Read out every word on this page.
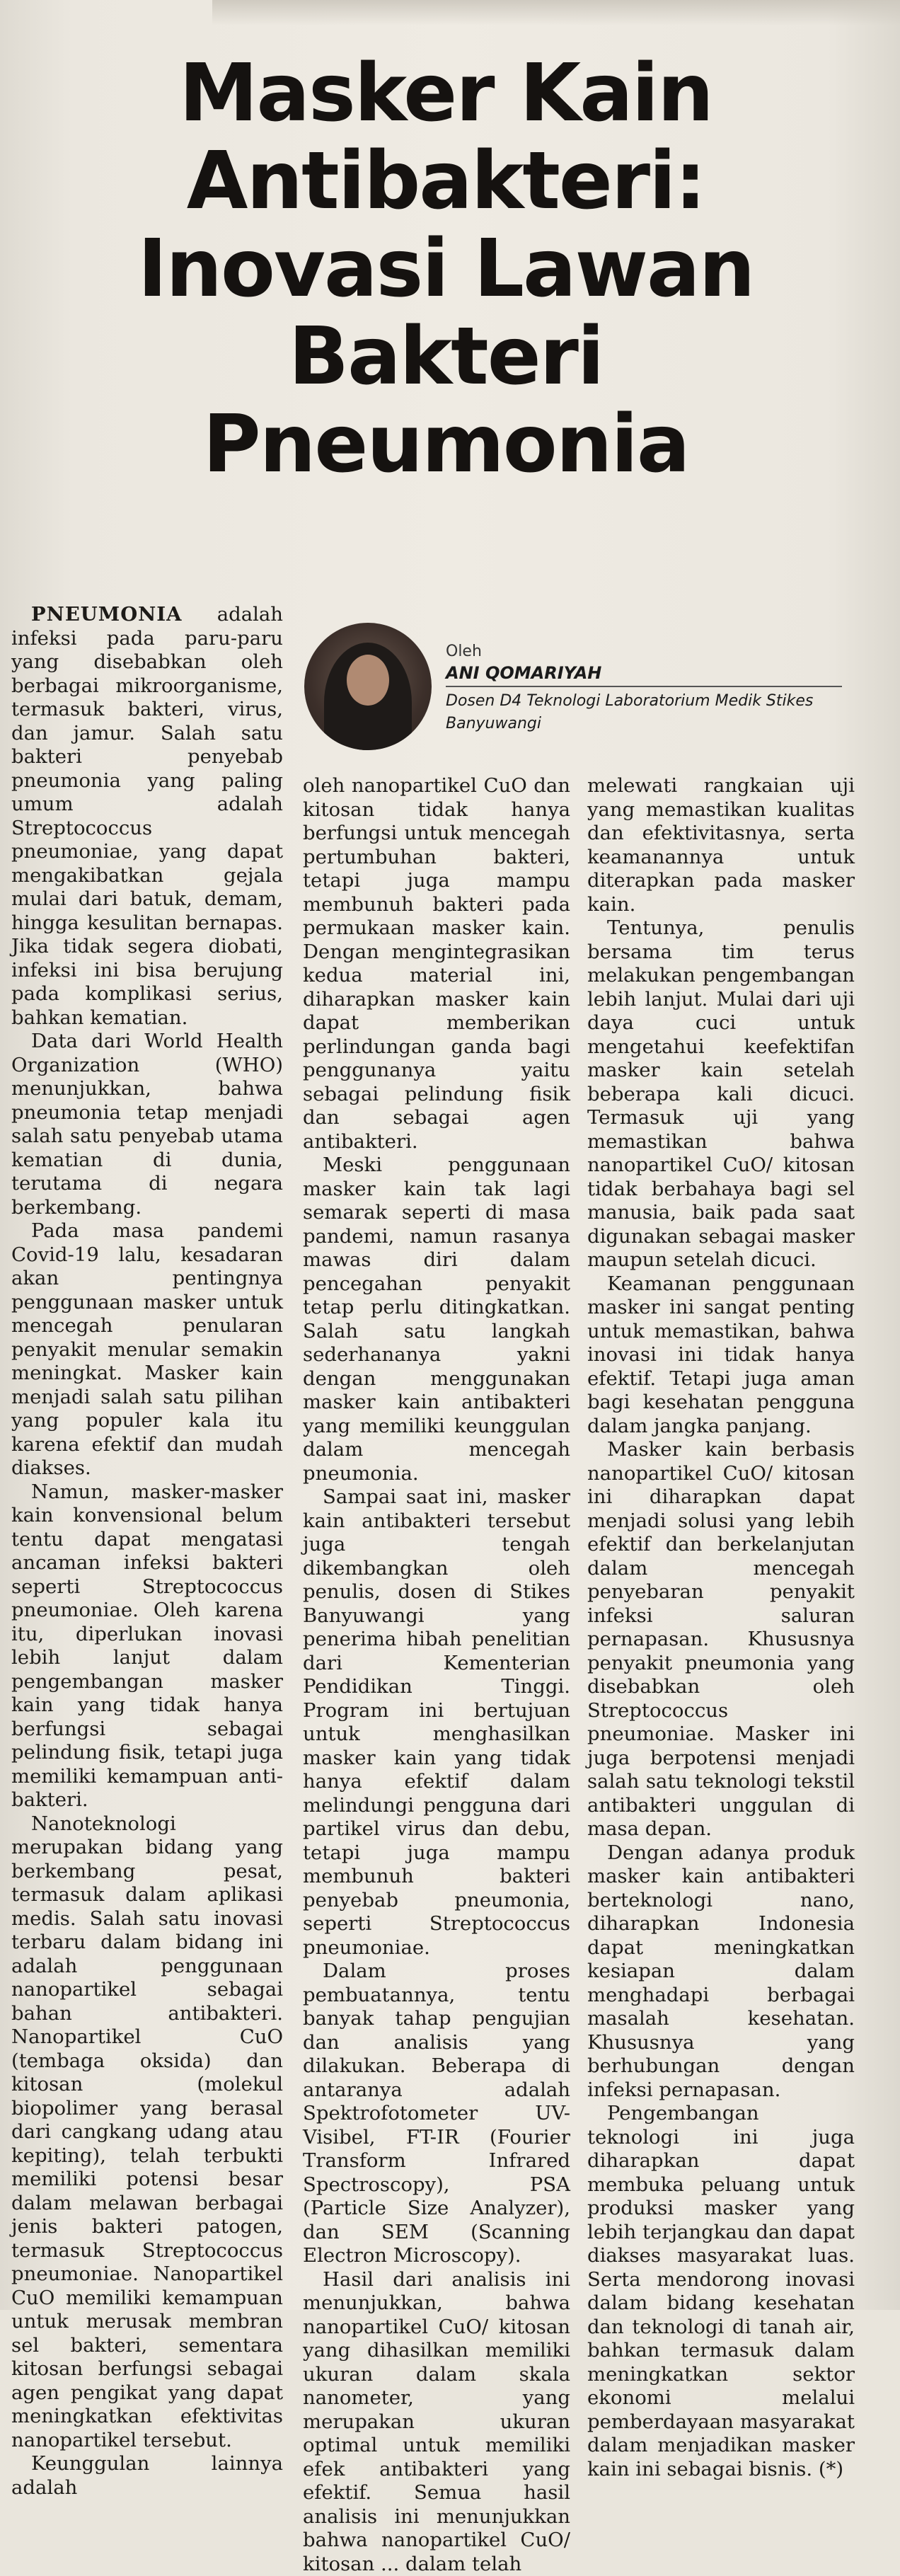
Masker Kain
Antibakteri:
Inovasi Lawan
Bakteri
Pneumonia
Oleh
ANI QOMARIYAH
Dosen D4 Teknologi Laboratorium Medik Stikes Banyuwangi

PNEUMONIA adalah infeksi pada paru-paru yang disebabkan oleh berbagai mikroorganisme, termasuk bakteri, virus, dan jamur. Salah satu bakteri penyebab pneumonia yang paling umum adalah Streptococcus pneumoniae, yang dapat mengakibatkan gejala mulai dari batuk, demam, hingga kesulitan bernapas. Jika tidak segera diobati, infeksi ini bisa berujung pada komplikasi serius, bahkan kematian.

Data dari World Health Organization (WHO) menunjukkan, bahwa pneumonia tetap menjadi salah satu penyebab utama kematian di dunia, terutama di negara berkembang.

Pada masa pandemi Covid-19 lalu, kesadaran akan pentingnya penggunaan masker untuk mencegah penularan penyakit menular semakin meningkat. Masker kain menjadi salah satu pilihan yang populer kala itu karena efektif dan mudah diakses.

Namun, masker-masker kain konvensional belum tentu dapat mengatasi ancaman infeksi bakteri seperti Streptococcus pneumoniae. Oleh karena itu, diperlukan inovasi lebih lanjut dalam pengembangan masker kain yang tidak hanya berfungsi sebagai pelindung fisik, tetapi juga memiliki kemampuan anti-bakteri.

Nanoteknologi merupakan bidang yang berkembang pesat, termasuk dalam aplikasi medis. Salah satu inovasi terbaru dalam bidang ini adalah penggunaan nanopartikel sebagai bahan antibakteri. Nanopartikel CuO (tembaga oksida) dan kitosan (molekul biopolimer yang berasal dari cangkang udang atau kepiting), telah terbukti memiliki potensi besar dalam melawan berbagai jenis bakteri patogen, termasuk Streptococcus pneumoniae. Nanopartikel CuO memiliki kemampuan untuk merusak membran sel bakteri, sementara kitosan berfungsi sebagai agen pengikat yang dapat meningkatkan efektivitas nanopartikel tersebut.

Keunggulan lainnya adalah

oleh nanopartikel CuO dan kitosan tidak hanya berfungsi untuk mencegah pertumbuhan bakteri, tetapi juga mampu membunuh bakteri pada permukaan masker kain. Dengan mengintegrasikan kedua material ini, diharapkan masker kain dapat memberikan perlindungan ganda bagi penggunanya yaitu sebagai pelindung fisik dan sebagai agen antibakteri.

Meski penggunaan masker kain tak lagi semarak seperti di masa pandemi, namun rasanya mawas diri dalam pencegahan penyakit tetap perlu ditingkatkan. Salah satu langkah sederhananya yakni dengan menggunakan masker kain antibakteri yang memiliki keunggulan dalam mencegah pneumonia.

Sampai saat ini, masker kain antibakteri tersebut juga tengah dikembangkan oleh penulis, dosen di Stikes Banyuwangi yang penerima hibah penelitian dari Kementerian Pendidikan Tinggi. Program ini bertujuan untuk menghasilkan masker kain yang tidak hanya efektif dalam melindungi pengguna dari partikel virus dan debu, tetapi juga mampu membunuh bakteri penyebab pneumonia, seperti Streptococcus pneumoniae.

Dalam proses pembuatannya, tentu banyak tahap pengujian dan analisis yang dilakukan. Beberapa di antaranya adalah Spektrofotometer UV-Visibel, FT-IR (Fourier Transform Infrared Spectroscopy), PSA (Particle Size Analyzer), dan SEM (Scanning Electron Microscopy).

Hasil dari analisis ini menunjukkan, bahwa nanopartikel CuO/ kitosan yang dihasilkan memiliki ukuran dalam skala nanometer, yang merupakan ukuran optimal untuk memiliki efek antibakteri yang efektif. Semua hasil analisis ini menunjukkan bahwa nanopartikel CuO/ kitosan ... dalam telah

melewati rangkaian uji yang memastikan kualitas dan efektivitasnya, serta keamanannya untuk diterapkan pada masker kain.

Tentunya, penulis bersama tim terus melakukan pengembangan lebih lanjut. Mulai dari uji daya cuci untuk mengetahui keefektifan masker kain setelah beberapa kali dicuci. Termasuk uji yang memastikan bahwa nanopartikel CuO/ kitosan tidak berbahaya bagi sel manusia, baik pada saat digunakan sebagai masker maupun setelah dicuci.

Keamanan penggunaan masker ini sangat penting untuk memastikan, bahwa inovasi ini tidak hanya efektif. Tetapi juga aman bagi kesehatan pengguna dalam jangka panjang.

Masker kain berbasis nanopartikel CuO/ kitosan ini diharapkan dapat menjadi solusi yang lebih efektif dan berkelanjutan dalam mencegah penyebaran penyakit infeksi saluran pernapasan. Khususnya penyakit pneumonia yang disebabkan oleh Streptococcus pneumoniae. Masker ini juga berpotensi menjadi salah satu teknologi tekstil antibakteri unggulan di masa depan.

Dengan adanya produk masker kain antibakteri berteknologi nano, diharapkan Indonesia dapat meningkatkan kesiapan dalam menghadapi berbagai masalah kesehatan. Khususnya yang berhubungan dengan infeksi pernapasan.

Pengembangan teknologi ini juga diharapkan dapat membuka peluang untuk produksi masker yang lebih terjangkau dan dapat diakses masyarakat luas. Serta mendorong inovasi dalam bidang kesehatan dan teknologi di tanah air, bahkan termasuk dalam meningkatkan sektor ekonomi melalui pemberdayaan masyarakat dalam menjadikan masker kain ini sebagai bisnis. (*)
